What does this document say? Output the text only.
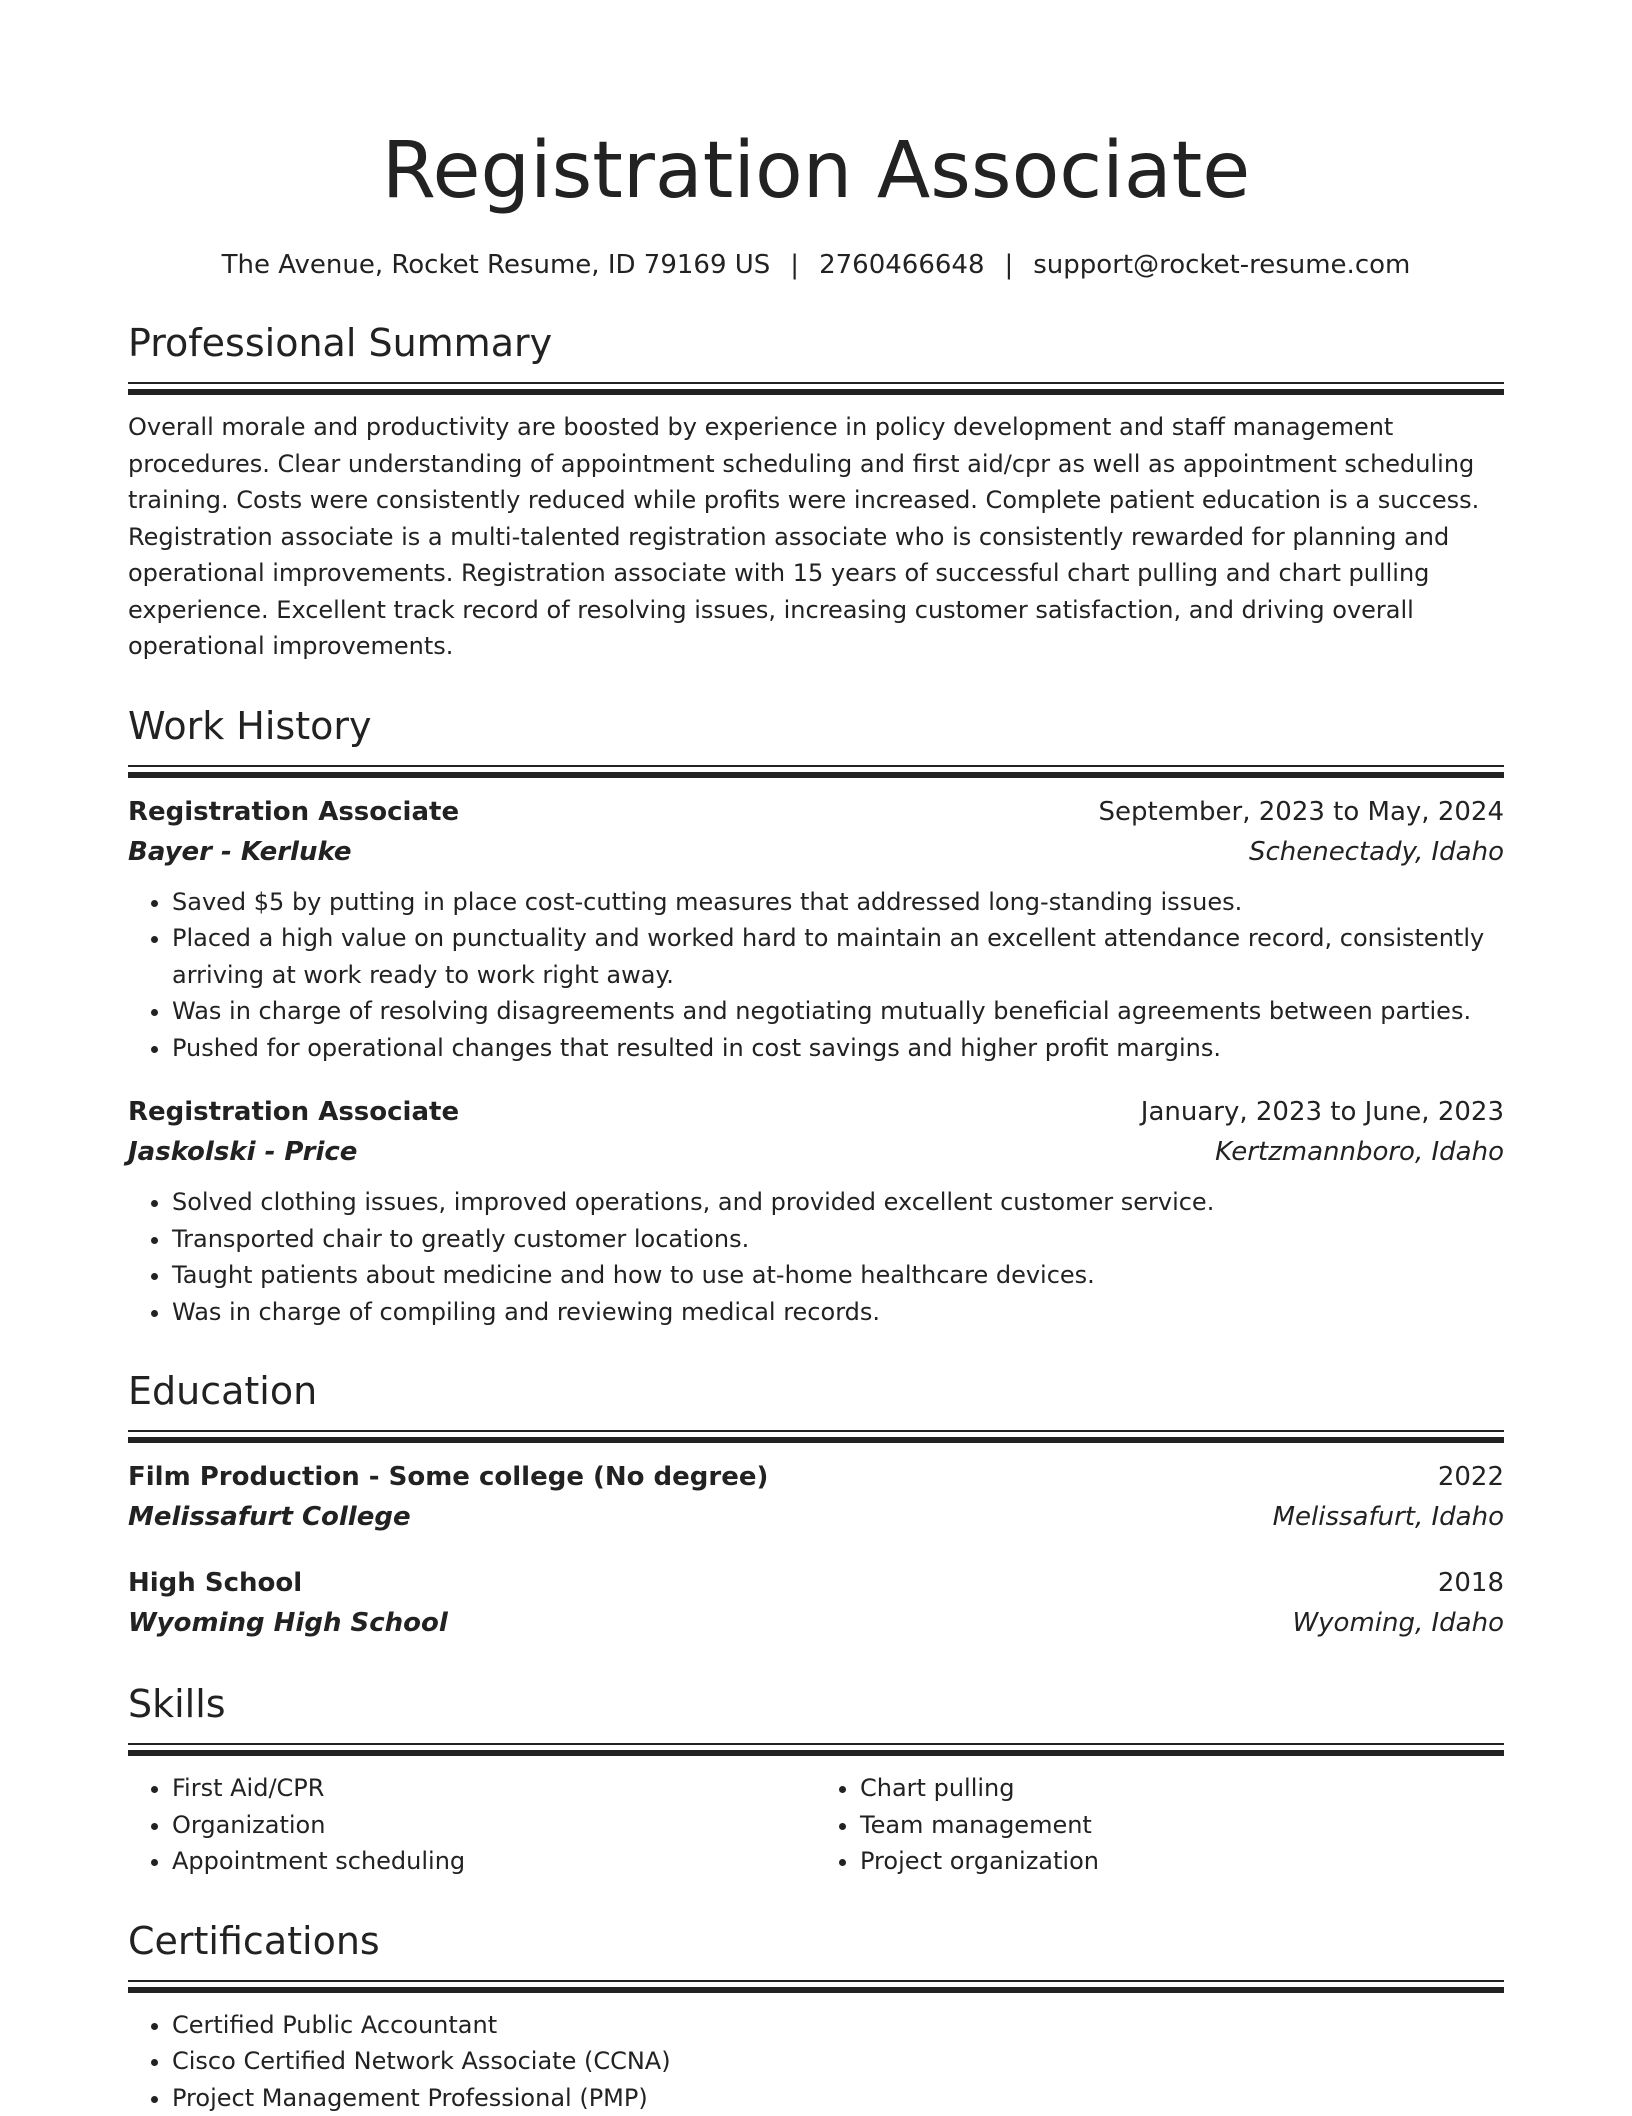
Registration Associate
The Avenue, Rocket Resume, ID 79169 US | 2760466648 | support@rocket-resume.com
Professional Summary

Overall morale and productivity are boosted by experience in policy development and staff management procedures. Clear understanding of appointment scheduling and first aid/cpr as well as appointment scheduling training. Costs were consistently reduced while profits were increased. Complete patient education is a success. Registration associate is a multi-talented registration associate who is consistently rewarded for planning and operational improvements. Registration associate with 15 years of successful chart pulling and chart pulling experience. Excellent track record of resolving issues, increasing customer satisfaction, and driving overall operational improvements.

Work History
Registration Associate	September, 2023 to May, 2024
Bayer - Kerluke	Schenectady, Idaho
• Saved $5 by putting in place cost-cutting measures that addressed long-standing issues.
• Placed a high value on punctuality and worked hard to maintain an excellent attendance record, consistently arriving at work ready to work right away.
• Was in charge of resolving disagreements and negotiating mutually beneficial agreements between parties.
• Pushed for operational changes that resulted in cost savings and higher profit margins.
Registration Associate	January, 2023 to June, 2023
Jaskolski - Price	Kertzmannboro, Idaho
• Solved clothing issues, improved operations, and provided excellent customer service.
• Transported chair to greatly customer locations.
• Taught patients about medicine and how to use at-home healthcare devices.
• Was in charge of compiling and reviewing medical records.
Education
Film Production - Some college (No degree)	2022
Melissafurt College	Melissafurt, Idaho
High School	2018
Wyoming High School	Wyoming, Idaho
Skills
• First Aid/CPR
• Organization
• Appointment scheduling
• Chart pulling
• Team management
• Project organization
Certifications
• Certified Public Accountant
• Cisco Certified Network Associate (CCNA)
• Project Management Professional (PMP)
